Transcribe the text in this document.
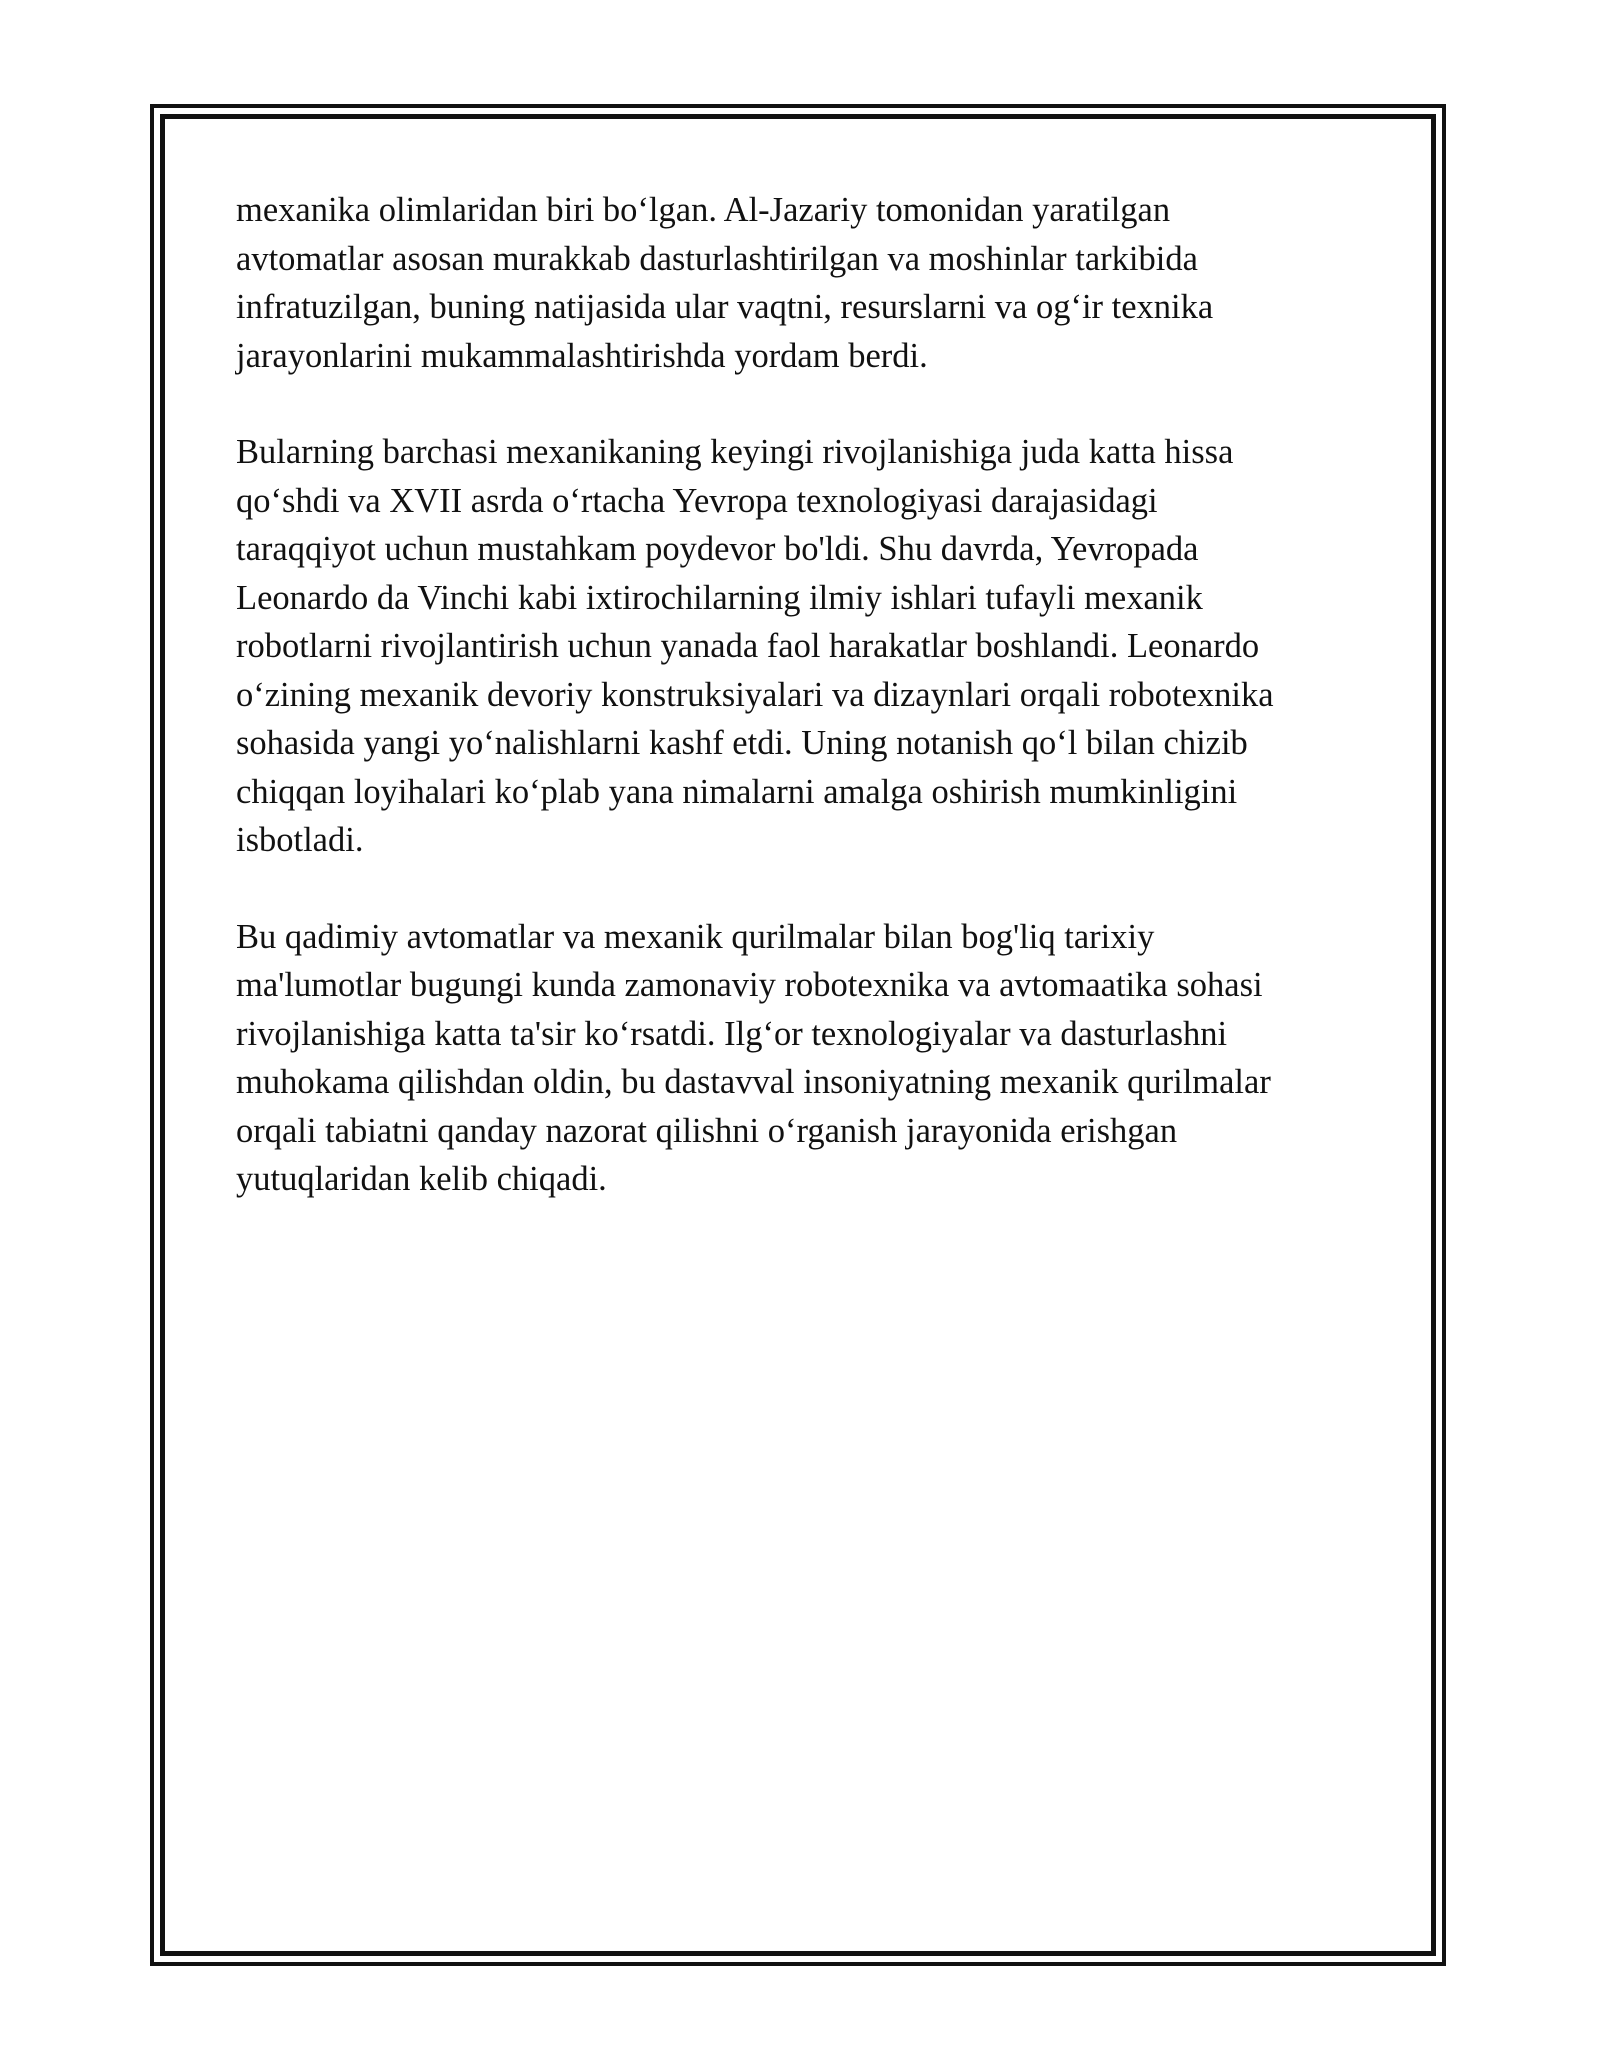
mexanika olimlaridan biri bo‘lgan. Al-Jazariy tomonidan yaratilgan
avtomatlar asosan murakkab dasturlashtirilgan va moshinlar tarkibida
infratuzilgan, buning natijasida ular vaqtni, resurslarni va og‘ir texnika
jarayonlarini mukammalashtirishda yordam berdi.

Bularning barchasi mexanikaning keyingi rivojlanishiga juda katta hissa
qo‘shdi va XVII asrda o‘rtacha Yevropa texnologiyasi darajasidagi
taraqqiyot uchun mustahkam poydevor bo'ldi. Shu davrda, Yevropada
Leonardo da Vinchi kabi ixtirochilarning ilmiy ishlari tufayli mexanik
robotlarni rivojlantirish uchun yanada faol harakatlar boshlandi. Leonardo
o‘zining mexanik devoriy konstruksiyalari va dizaynlari orqali robotexnika
sohasida yangi yo‘nalishlarni kashf etdi. Uning notanish qo‘l bilan chizib
chiqqan loyihalari ko‘plab yana nimalarni amalga oshirish mumkinligini
isbotladi.

Bu qadimiy avtomatlar va mexanik qurilmalar bilan bog'liq tarixiy
ma'lumotlar bugungi kunda zamonaviy robotexnika va avtomaatika sohasi
rivojlanishiga katta ta'sir ko‘rsatdi. Ilg‘or texnologiyalar va dasturlashni
muhokama qilishdan oldin, bu dastavval insoniyatning mexanik qurilmalar
orqali tabiatni qanday nazorat qilishni o‘rganish jarayonida erishgan
yutuqlaridan kelib chiqadi.
